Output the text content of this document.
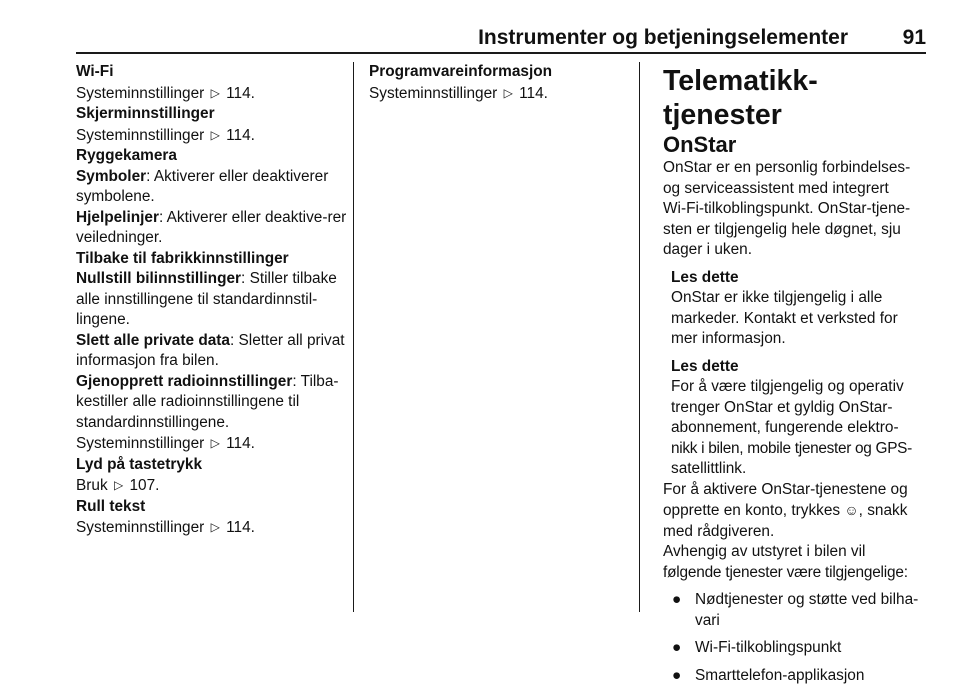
Instrumenter og betjeningselementer	91

Wi-Fi

Systeminnstillinger ▷ 114.

Skjerminnstillinger

Systeminnstillinger ▷ 114.

Ryggekamera

Symboler: Aktiverer eller deaktiverer symbolene.

Hjelpelinjer: Aktiverer eller deaktive-rer veiledninger.

Tilbake til fabrikkinnstillinger

Nullstill bilinnstillinger: Stiller tilbake alle innstillingene til standardinnstil-lingene.

Slett alle private data: Sletter all privat informasjon fra bilen.

Gjenopprett radioinnstillinger: Tilba-kestiller alle radioinnstillingene til standardinnstillingene.

Systeminnstillinger ▷ 114.

Lyd på tastetrykk

Bruk ▷ 107.

Rull tekst

Systeminnstillinger ▷ 114.

Programvareinformasjon

Systeminnstillinger ▷ 114.	Telematikk-tjenester

OnStar

OnStar er en personlig forbindelses-
og serviceassistent med integrert
Wi-Fi-tilkoblingspunkt. OnStar-tjene-
sten er tilgjengelig hele døgnet, sju
dager i uken.

Les dette

OnStar er ikke tilgjengelig i alle
markeder. Kontakt et verksted for
mer informasjon.

Les dette

For å være tilgjengelig og operativ
trenger OnStar et gyldig OnStar-
abonnement, fungerende elektro-
nikk i bilen, mobile tjenester og GPS-
satellittlink.

For å aktivere OnStar-tjenestene og
opprette en konto, trykkes ☺, snakk
med rådgiveren.

Avhengig av utstyret i bilen vil
følgende tjenester være tilgjengelige:

● Nødtjenester og støtte ved bilha-
vari
● Wi-Fi-tilkoblingspunkt
● Smarttelefon-applikasjon
